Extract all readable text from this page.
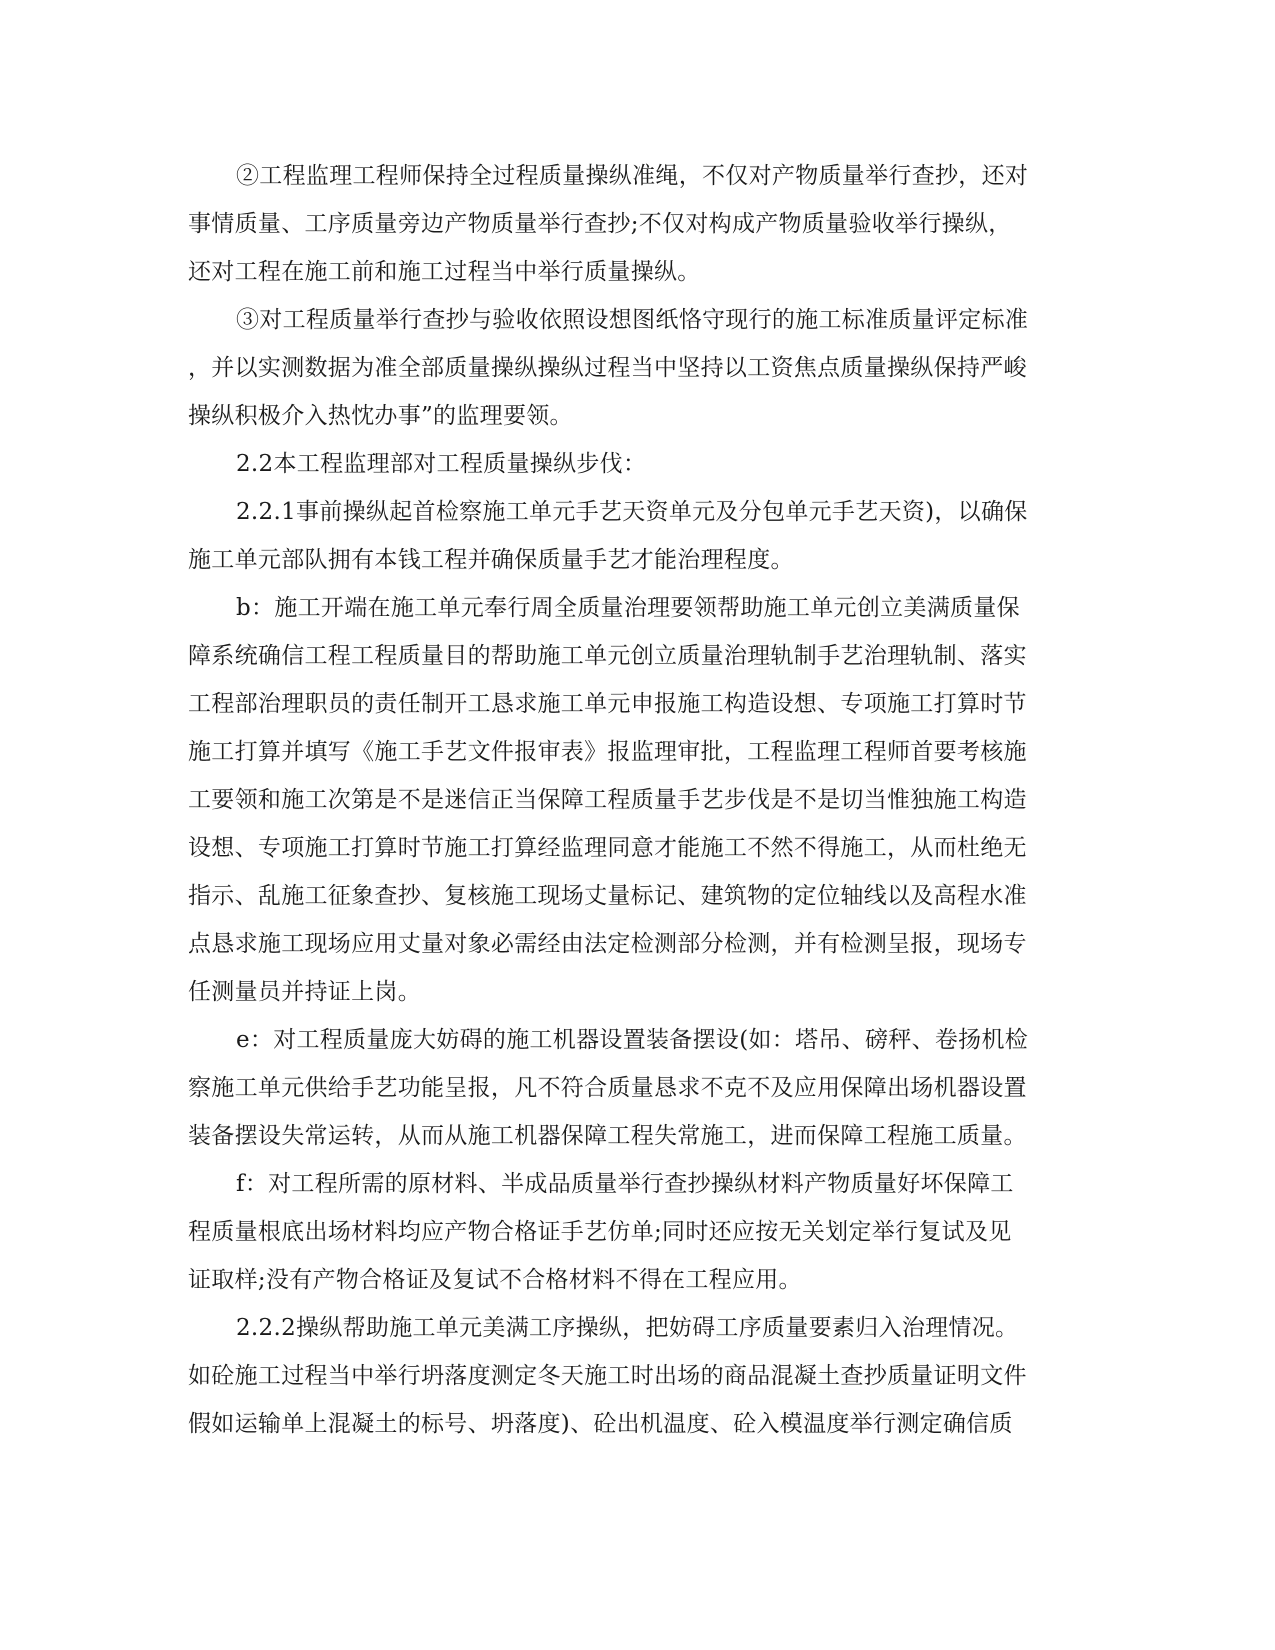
②工程监理工程师保持全过程质量操纵准绳，不仅对产物质量举行查抄，还对
事情质量、工序质量旁边产物质量举行查抄;不仅对构成产物质量验收举行操纵，
还对工程在施工前和施工过程当中举行质量操纵。
③对工程质量举行查抄与验收依照设想图纸恪守现行的施工标准质量评定标准
，并以实测数据为准全部质量操纵操纵过程当中坚持以工资焦点质量操纵保持严峻
操纵积极介入热忱办事”的监理要领。
2.2本工程监理部对工程质量操纵步伐：
2.2.1事前操纵起首检察施工单元手艺天资单元及分包单元手艺天资)，以确保
施工单元部队拥有本钱工程并确保质量手艺才能治理程度。
b：施工开端在施工单元奉行周全质量治理要领帮助施工单元创立美满质量保
障系统确信工程工程质量目的帮助施工单元创立质量治理轨制手艺治理轨制、落实
工程部治理职员的责任制开工恳求施工单元申报施工构造设想、专项施工打算时节
施工打算并填写《施工手艺文件报审表》报监理审批，工程监理工程师首要考核施
工要领和施工次第是不是迷信正当保障工程质量手艺步伐是不是切当惟独施工构造
设想、专项施工打算时节施工打算经监理同意才能施工不然不得施工，从而杜绝无
指示、乱施工征象查抄、复核施工现场丈量标记、建筑物的定位轴线以及高程水准
点恳求施工现场应用丈量对象必需经由法定检测部分检测，并有检测呈报，现场专
任测量员并持证上岗。
e：对工程质量庞大妨碍的施工机器设置装备摆设(如：塔吊、磅秤、卷扬机检
察施工单元供给手艺功能呈报，凡不符合质量恳求不克不及应用保障出场机器设置
装备摆设失常运转，从而从施工机器保障工程失常施工，进而保障工程施工质量。
f：对工程所需的原材料、半成品质量举行查抄操纵材料产物质量好坏保障工
程质量根底出场材料均应产物合格证手艺仿单;同时还应按无关划定举行复试及见
证取样;没有产物合格证及复试不合格材料不得在工程应用。
2.2.2操纵帮助施工单元美满工序操纵，把妨碍工序质量要素归入治理情况。
如砼施工过程当中举行坍落度测定冬天施工时出场的商品混凝土查抄质量证明文件
假如运输单上混凝土的标号、坍落度)、砼出机温度、砼入模温度举行测定确信质
